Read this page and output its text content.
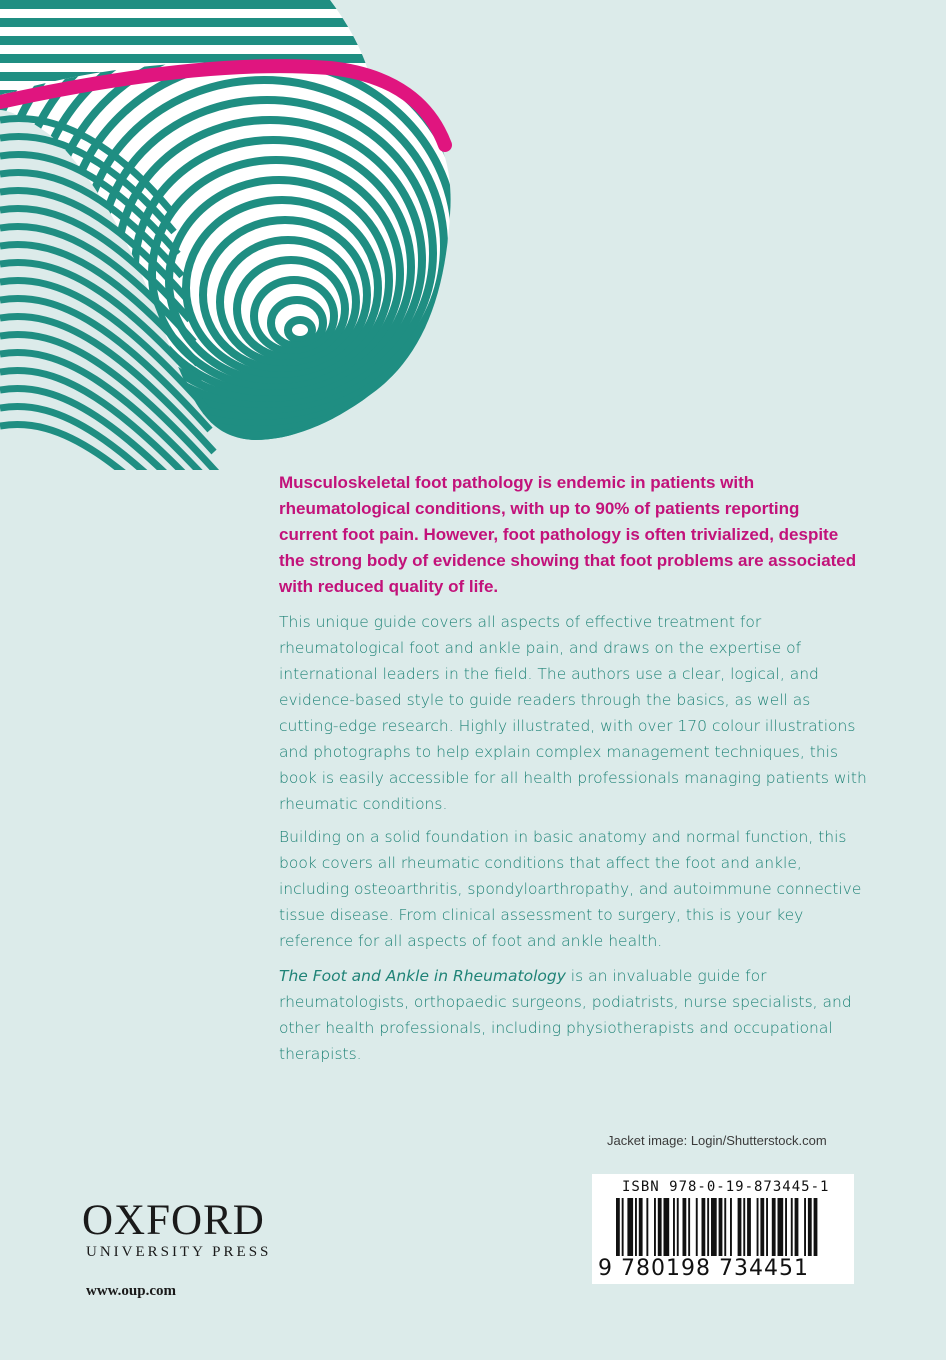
Musculoskeletal foot pathology is endemic in patients with rheumatological conditions, with up to 90% of patients reporting current foot pain. However, foot pathology is often trivialized, despite the strong body of evidence showing that foot problems are associated with reduced quality of life.

This unique guide covers all aspects of effective treatment for rheumatological foot and ankle pain, and draws on the expertise of international leaders in the field. The authors use a clear, logical, and evidence-based style to guide readers through the basics, as well as cutting-edge research. Highly illustrated, with over 170 colour illustrations and photographs to help explain complex management techniques, this book is easily accessible for all health professionals managing patients with rheumatic conditions.

Building on a solid foundation in basic anatomy and normal function, this book covers all rheumatic conditions that affect the foot and ankle, including osteoarthritis, spondyloarthropathy, and autoimmune connective tissue disease. From clinical assessment to surgery, this is your key reference for all aspects of foot and ankle health.

The Foot and Ankle in Rheumatology is an invaluable guide for rheumatologists, orthopaedic surgeons, podiatrists, nurse specialists, and other health professionals, including physiotherapists and occupational therapists.

Jacket image: Login/Shutterstock.com

OXFORD
UNIVERSITY PRESS
www.oup.com

ISBN 978-0-19-873445-1

9 780198 734451
